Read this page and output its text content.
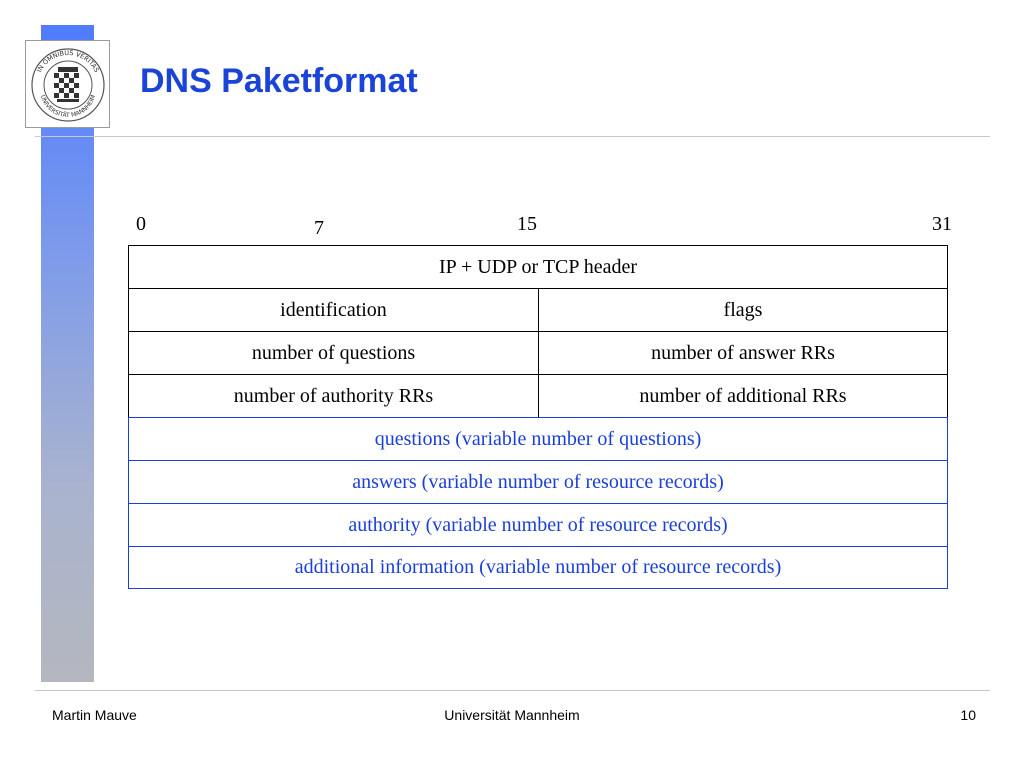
IN OMNIBUS VERITAS
UNIVERSITÄT MANNHEIM DNS Paketformat
0	7	15	31
IP + UDP or TCP header
identification	flags
number of questions	number of answer RRs
number of authority RRs	number of additional RRs
questions (variable number of questions)
answers (variable number of resource records)
authority (variable number of resource records)
additional information (variable number of resource records)
Martin Mauve	Universität Mannheim	10
